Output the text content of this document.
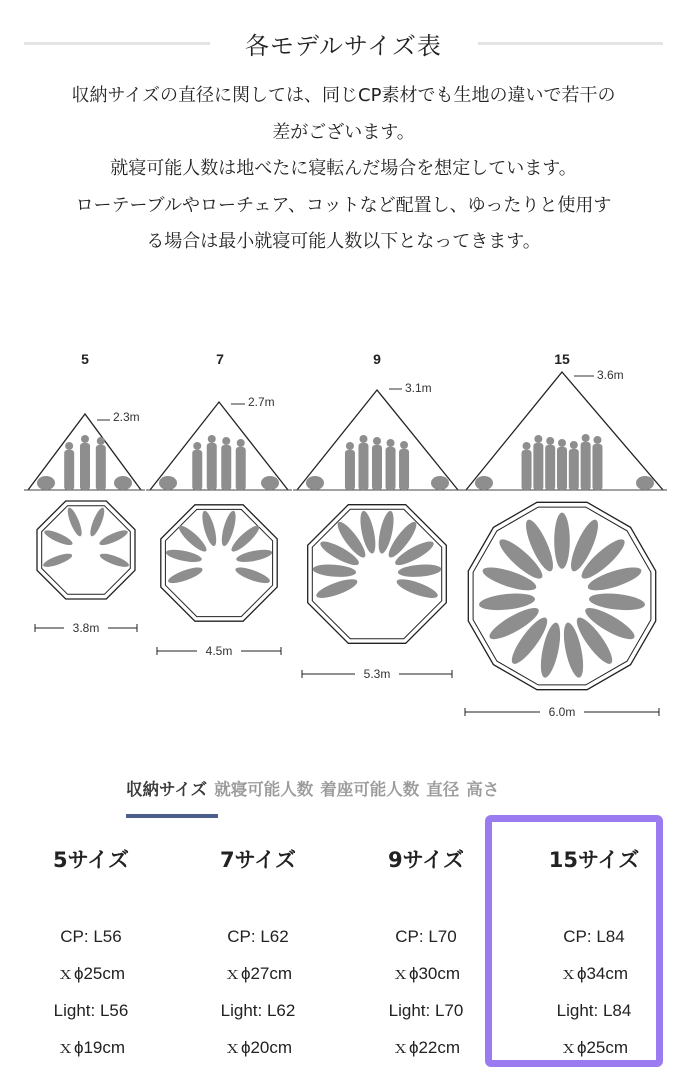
各モデルサイズ表

収納サイズの直径に関しては、同じCP素材でも生地の違いで若干の

差がございます。

就寝可能人数は地べたに寝転んだ場合を想定しています。

ローテーブルやローチェア、コットなど配置し、ゆったりと使用す

る場合は最小就寝可能人数以下となってきます。

5	7	9	15
2.3m
2.7m
3.1m
3.6m
3.8m
4.5m
5.3m
6.0m
収納サイズ 就寝可能人数 着座可能人数 直径 高さ
5サイズ
CP: L56
ｘϕ25cm
Light: L56
ｘϕ19cm
7サイズ
CP: L62
ｘϕ27cm
Light: L62
ｘϕ20cm
9サイズ
CP: L70
ｘϕ30cm
Light: L70
ｘϕ22cm
15サイズ
CP: L84
ｘϕ34cm
Light: L84
ｘϕ25cm
